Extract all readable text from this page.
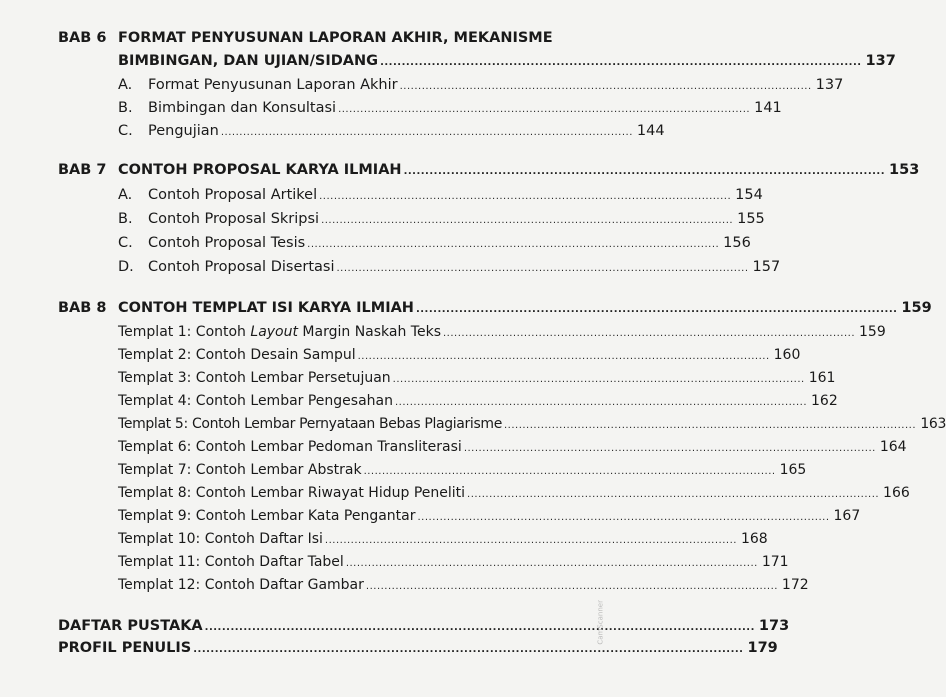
BAB 6 FORMAT PENYUSUNAN LAPORAN AKHIR, MEKANISME
BIMBINGAN, DAN UJIAN/SIDANG ................................................................................................................ 137
A. Format Penyusunan Laporan Akhir ................................................................................................................ 137
B. Bimbingan dan Konsultasi ................................................................................................................ 141
C. Pengujian ................................................................................................................ 144
BAB 7 CONTOH PROPOSAL KARYA ILMIAH ................................................................................................................ 153
A. Contoh Proposal Artikel ................................................................................................................ 154
B. Contoh Proposal Skripsi ................................................................................................................ 155
C. Contoh Proposal Tesis ................................................................................................................ 156
D. Contoh Proposal Disertasi ................................................................................................................ 157
BAB 8 CONTOH TEMPLAT ISI KARYA ILMIAH ................................................................................................................ 159
Templat 1: Contoh Layout Margin Naskah Teks ................................................................................................................ 159
Templat 2: Contoh Desain Sampul ................................................................................................................ 160
Templat 3: Contoh Lembar Persetujuan ................................................................................................................ 161
Templat 4: Contoh Lembar Pengesahan ................................................................................................................ 162
Templat 5: Contoh Lembar Pernyataan Bebas Plagiarisme ................................................................................................................ 163
Templat 6: Contoh Lembar Pedoman Transliterasi ................................................................................................................ 164
Templat 7: Contoh Lembar Abstrak ................................................................................................................ 165
Templat 8: Contoh Lembar Riwayat Hidup Peneliti ................................................................................................................ 166
Templat 9: Contoh Lembar Kata Pengantar ................................................................................................................ 167
Templat 10: Contoh Daftar Isi ................................................................................................................ 168
Templat 11: Contoh Daftar Tabel ................................................................................................................ 171
Templat 12: Contoh Daftar Gambar ................................................................................................................ 172
DAFTAR PUSTAKA ................................................................................................................................ 173
PROFIL PENULIS ................................................................................................................................ 179
CamScanner
